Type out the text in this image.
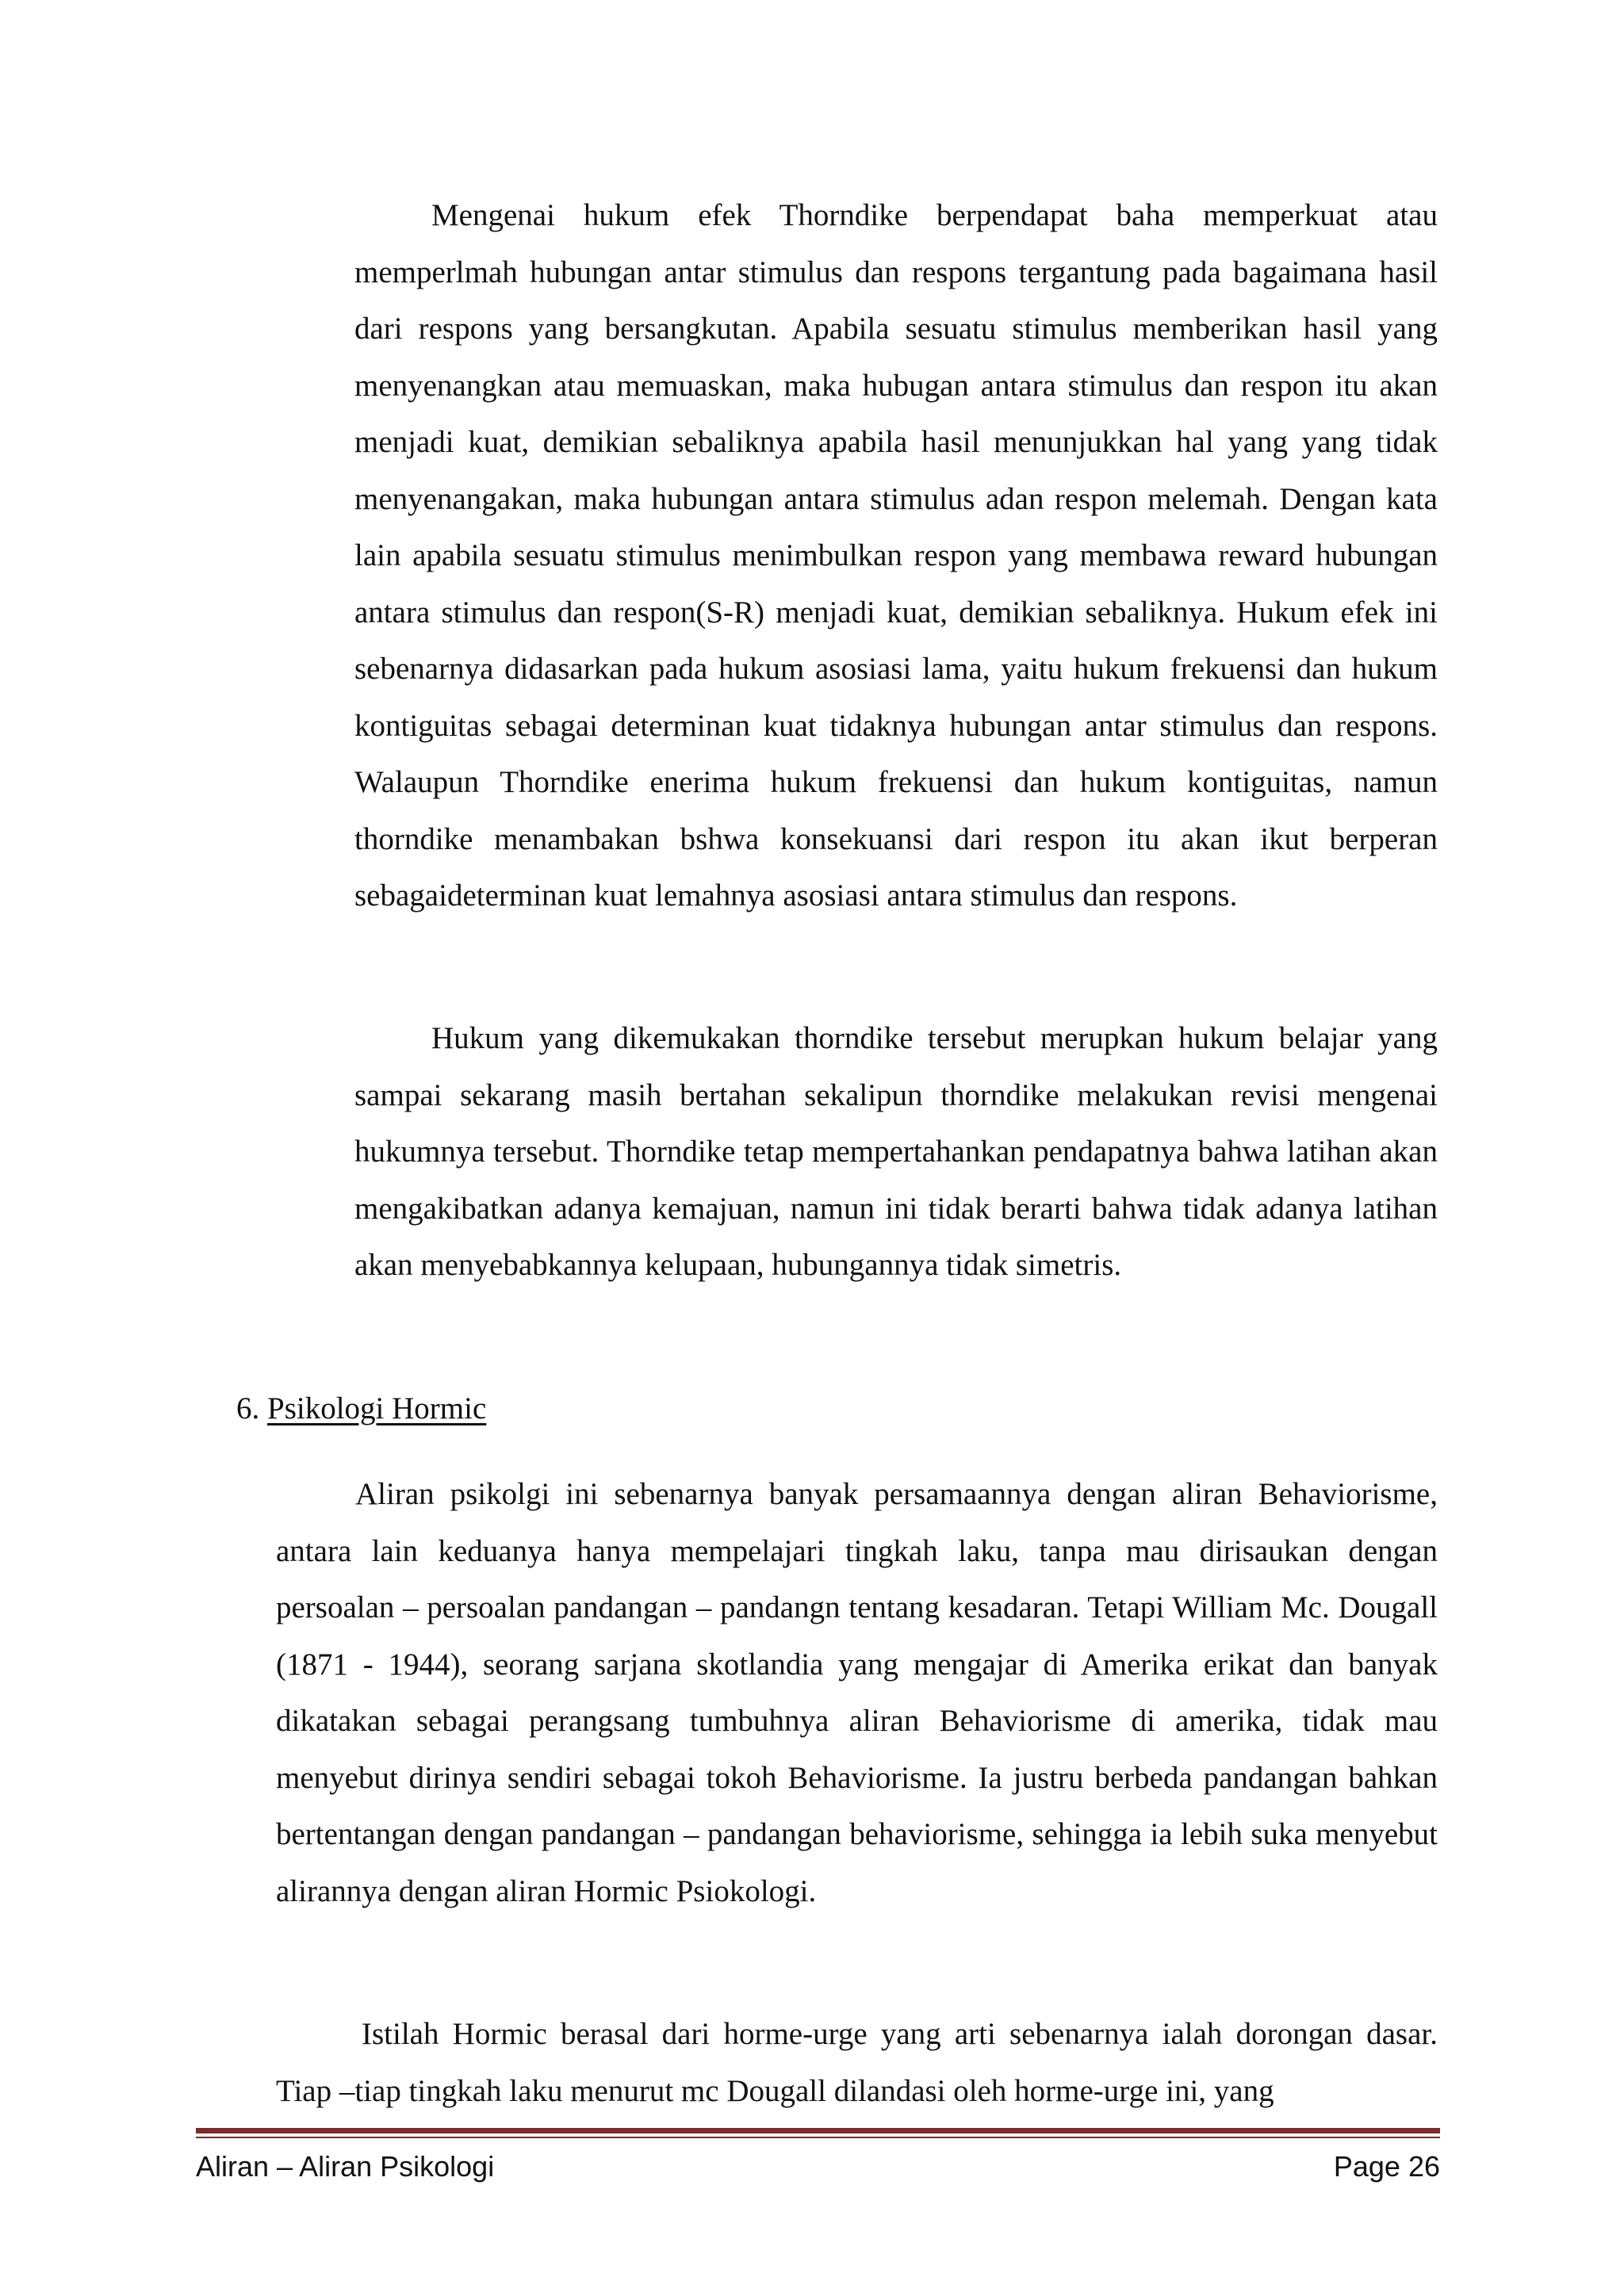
Mengenai hukum efek Thorndike berpendapat baha memperkuat atau memperlmah hubungan antar stimulus dan respons tergantung pada bagaimana hasil dari respons yang bersangkutan. Apabila sesuatu stimulus memberikan hasil yang menyenangkan atau memuaskan, maka hubugan antara stimulus dan respon itu akan menjadi kuat, demikian sebaliknya apabila hasil menunjukkan hal yang yang tidak menyenangakan, maka hubungan antara stimulus adan respon melemah. Dengan kata lain apabila sesuatu stimulus menimbulkan respon yang membawa reward hubungan antara stimulus dan respon(S-R) menjadi kuat, demikian sebaliknya. Hukum efek ini sebenarnya didasarkan pada hukum asosiasi lama, yaitu hukum frekuensi dan hukum kontiguitas sebagai determinan kuat tidaknya hubungan antar stimulus dan respons. Walaupun Thorndike enerima hukum frekuensi dan hukum kontiguitas, namun thorndike menambakan bshwa konsekuansi dari respon itu akan ikut berperan sebagaideterminan kuat lemahnya asosiasi antara stimulus dan respons.

Hukum yang dikemukakan thorndike tersebut merupkan hukum belajar yang sampai sekarang masih bertahan sekalipun thorndike melakukan revisi mengenai hukumnya tersebut. Thorndike tetap mempertahankan pendapatnya bahwa latihan akan mengakibatkan adanya kemajuan, namun ini tidak berarti bahwa tidak adanya latihan akan menyebabkannya kelupaan, hubungannya tidak simetris.

6. Psikologi Hormic

Aliran psikolgi ini sebenarnya banyak persamaannya dengan aliran Behaviorisme, antara lain keduanya hanya mempelajari tingkah laku, tanpa mau dirisaukan dengan persoalan – persoalan pandangan – pandangn tentang kesadaran. Tetapi William Mc. Dougall (1871 - 1944), seorang sarjana skotlandia yang mengajar di Amerika erikat dan banyak dikatakan sebagai perangsang tumbuhnya aliran Behaviorisme di amerika, tidak mau menyebut dirinya sendiri sebagai tokoh Behaviorisme. Ia justru berbeda pandangan bahkan bertentangan dengan pandangan – pandangan behaviorisme, sehingga ia lebih suka menyebut alirannya dengan aliran Hormic Psiokologi.

Istilah Hormic berasal dari horme-urge yang arti sebenarnya ialah dorongan dasar. Tiap –tiap tingkah laku menurut mc Dougall dilandasi oleh horme-urge ini, yang

Aliran – Aliran Psikologi	Page 26
